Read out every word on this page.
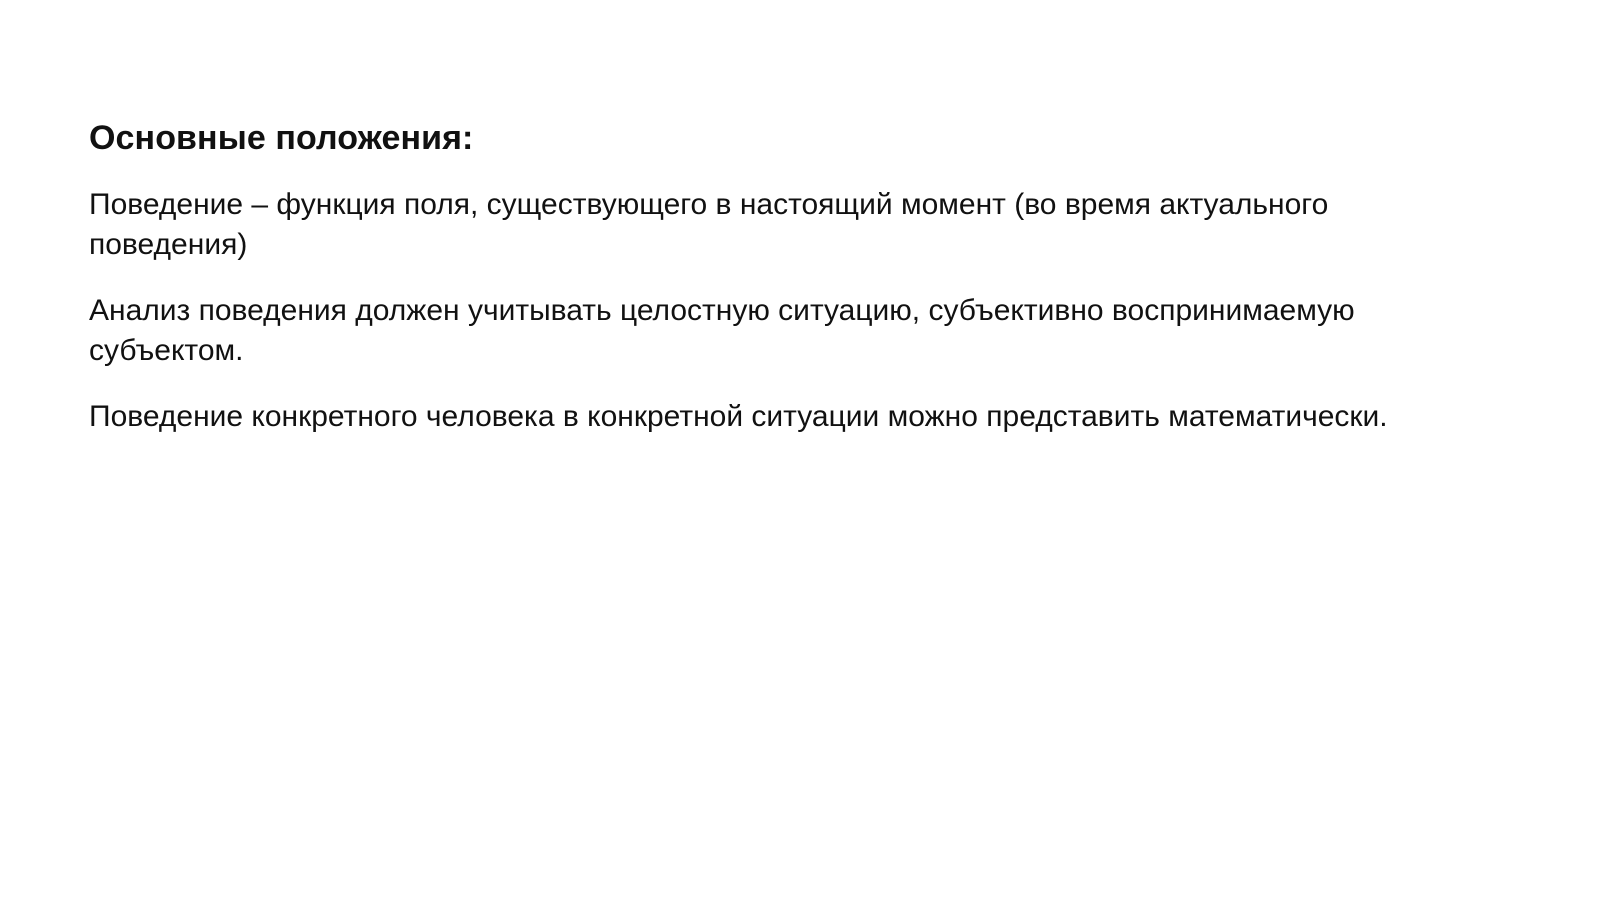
Основные положения:

Поведение – функция поля, существующего в настоящий момент (во время актуального поведения)

Анализ поведения должен учитывать целостную ситуацию, субъективно воспринимаемую субъектом.

Поведение конкретного человека в конкретной ситуации можно представить математически.
